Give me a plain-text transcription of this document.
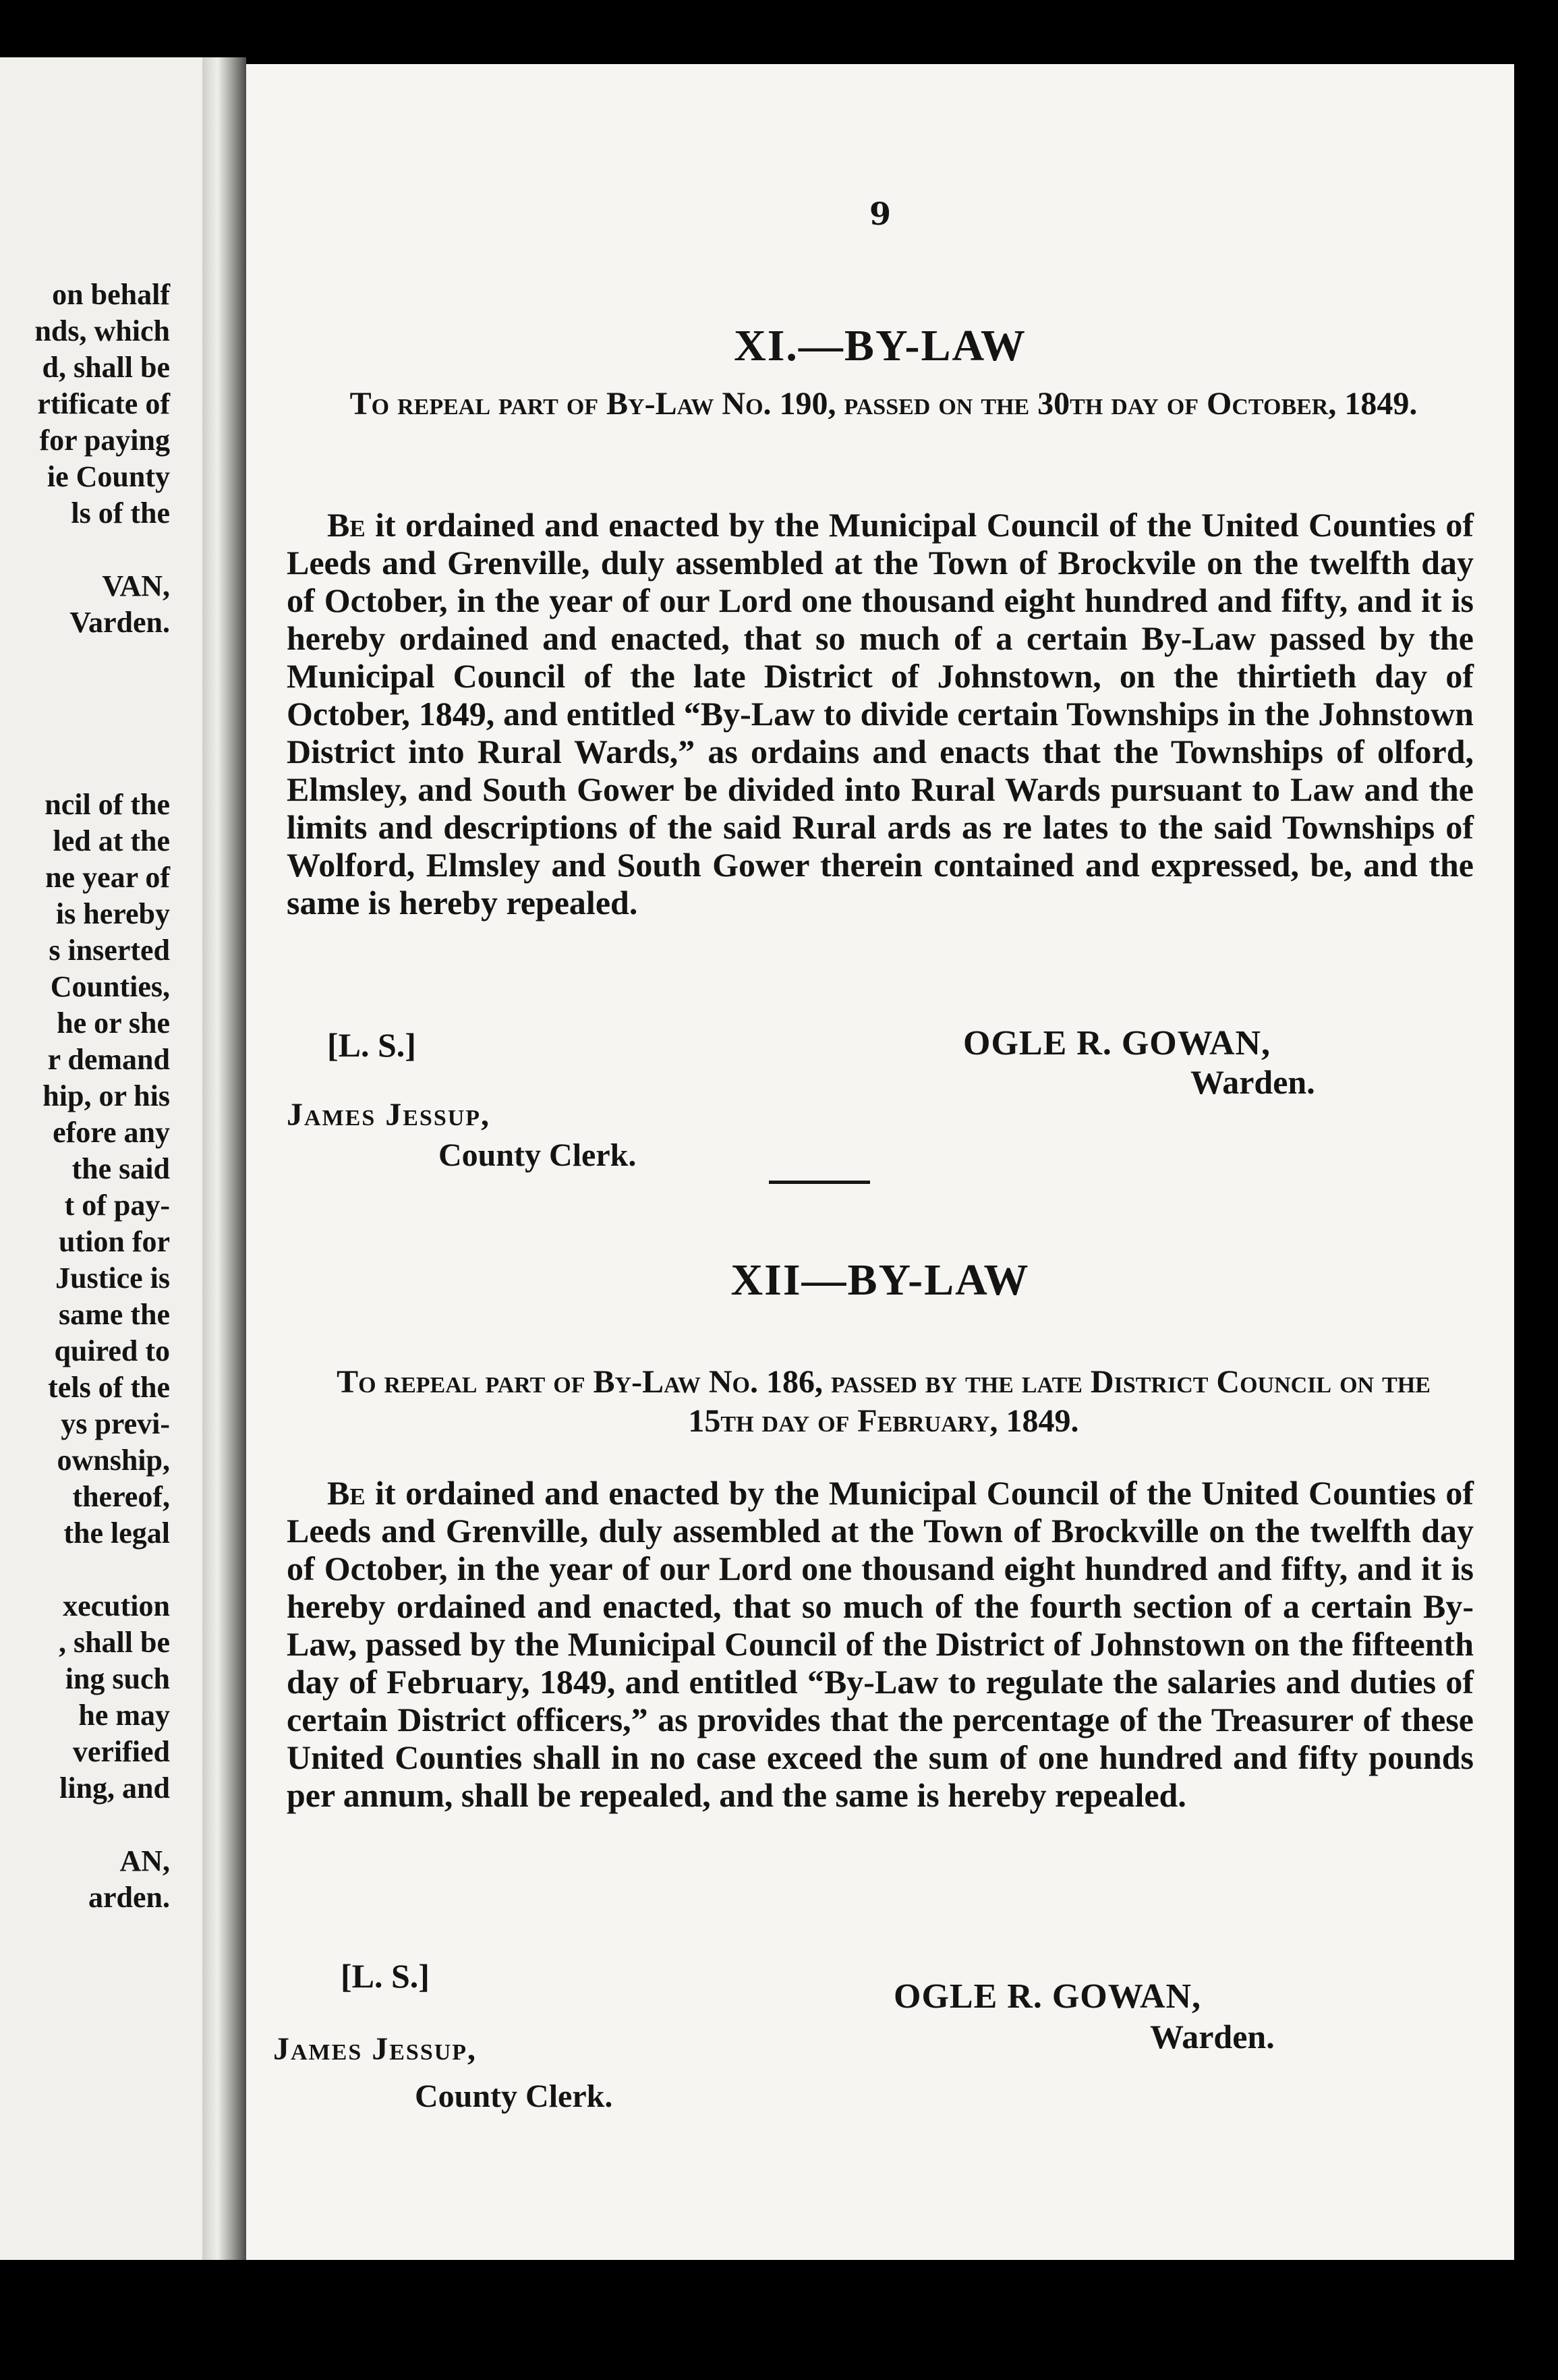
on behalf
nds, which
d, shall be
rtificate of
for paying
ie County
ls of the
VAN,
Varden.
ncil of the
led at the
ne year of
is hereby
s inserted
Counties,
he or she
r demand
hip, or his
efore any
the said
t of pay-
ution for
Justice is
same the
quired to
tels of the
ys previ-
ownship,
thereof,
the legal
xecution
, shall be
ing such
he may
verified
ling, and
AN,
arden.
9
XI.—BY-LAW
To repeal part of By-Law No. 190, passed on the 30th day of October, 1849.
Be it ordained and enacted by the Municipal Council of the United Counties of Leeds and Grenville, duly assembled at the Town of Brockvile on the twelfth day of October, in the year of our Lord one thousand eight hundred and fifty, and it is hereby ordained and enacted, that so much of a certain By-Law passed by the Municipal Council of the late District of Johnstown, on the thirtieth day of October, 1849, and entitled “By-Law to divide certain Townships in the Johnstown District into Rural Wards,” as ordains and enacts that the Townships of olford, Elmsley, and South Gower be divided into Rural Wards pursuant to Law and the limits and descriptions of the said Rural ards as re lates to the said Townships of Wolford, Elmsley and South Gower therein contained and expressed, be, and the same is hereby repealed.
[L. S.]	OGLE R. GOWAN,
Warden.
James Jessup,
County Clerk.
XII—BY-LAW
To repeal part of By-Law No. 186, passed by the late District Council on the 15th day of February, 1849.
Be it ordained and enacted by the Municipal Council of the United Counties of Leeds and Grenville, duly assembled at the Town of Brockville on the twelfth day of October, in the year of our Lord one thousand eight hundred and fifty, and it is hereby ordained and enacted, that so much of the fourth section of a certain By-Law, passed by the Municipal Council of the District of Johnstown on the fifteenth day of February, 1849, and entitled “By-Law to regulate the salaries and duties of certain District officers,” as provides that the percentage of the Treasurer of these United Counties shall in no case exceed the sum of one hundred and fifty pounds per annum, shall be repealed, and the same is hereby repealed.
[L. S.]
OGLE R. GOWAN,
Warden.
James Jessup,
County Clerk.
